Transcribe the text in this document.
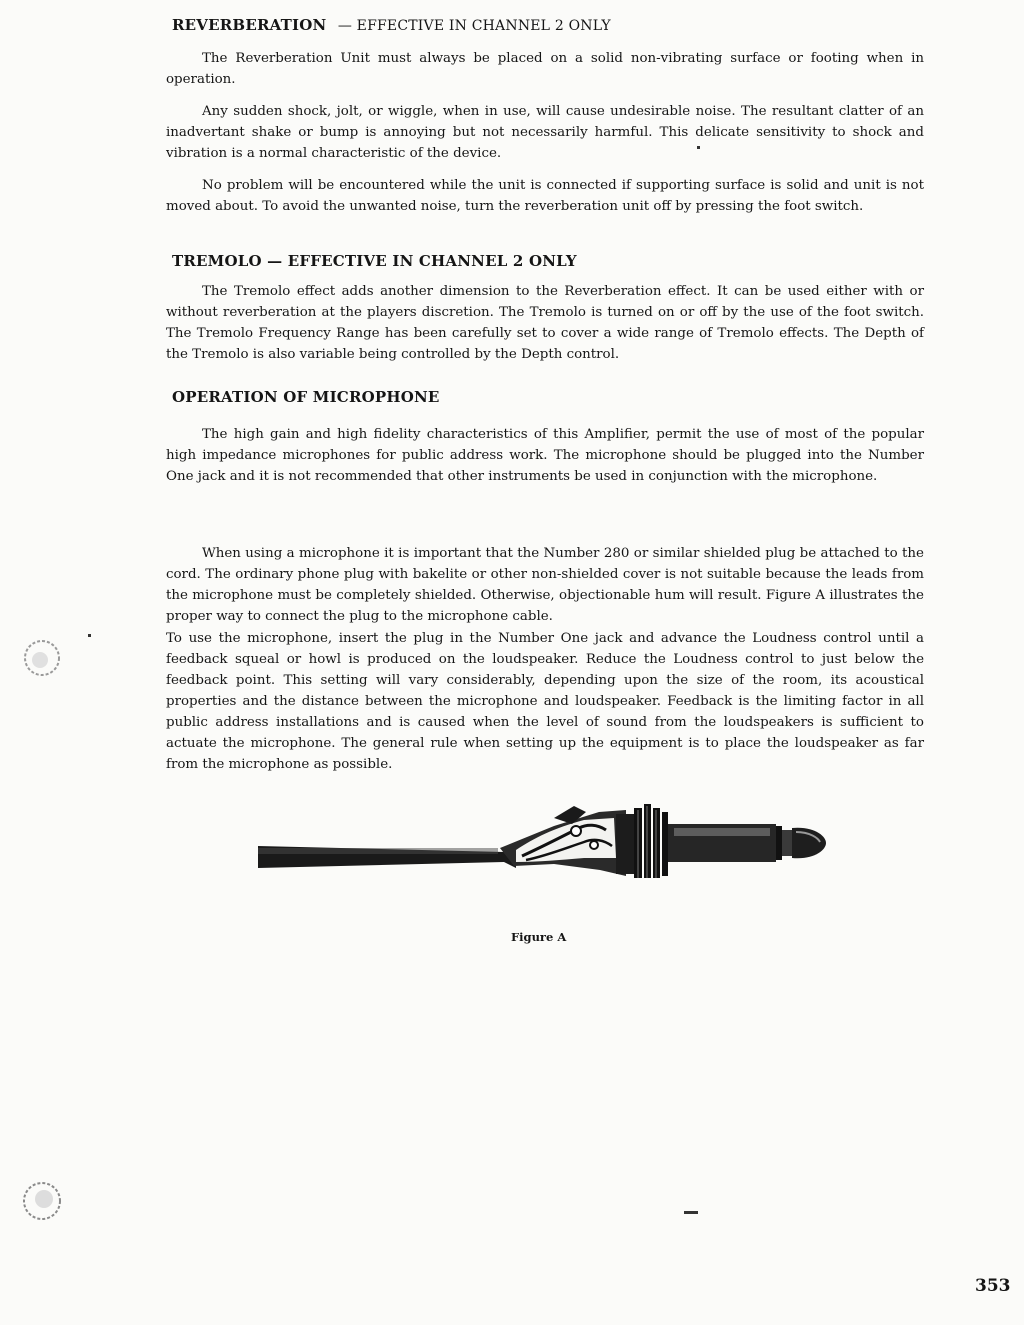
REVERBERATION — EFFECTIVE IN CHANNEL 2 ONLY

The Reverberation Unit must always be placed on a solid non-vibrating surface or footing when in operation.

Any sudden shock, jolt, or wiggle, when in use, will cause undesirable noise. The resultant clatter of an inadvertant shake or bump is annoying but not necessarily harmful. This delicate sensitivity to shock and vibration is a normal characteristic of the device.

No problem will be encountered while the unit is connected if supporting surface is solid and unit is not moved about. To avoid the unwanted noise, turn the reverberation unit off by pressing the foot switch.

TREMOLO — EFFECTIVE IN CHANNEL 2 ONLY

The Tremolo effect adds another dimension to the Reverberation effect. It can be used either with or without reverberation at the players discretion. The Tremolo is turned on or off by the use of the foot switch. The Tremolo Frequency Range has been carefully set to cover a wide range of Tremolo effects. The Depth of the Tremolo is also variable being controlled by the Depth control.

OPERATION OF MICROPHONE

The high gain and high fidelity characteristics of this Amplifier, permit the use of most of the popular high impedance microphones for public address work. The microphone should be plugged into the Number One jack and it is not recommended that other instruments be used in conjunction with the microphone.

When using a microphone it is important that the Number 280 or similar shielded plug be attached to the cord. The ordinary phone plug with bakelite or other non-shielded cover is not suitable because the leads from the microphone must be completely shielded. Otherwise, objectionable hum will result. Figure A illustrates the proper way to connect the plug to the microphone cable.

To use the microphone, insert the plug in the Number One jack and advance the Loudness control until a feedback squeal or howl is produced on the loudspeaker. Reduce the Loudness control to just below the feedback point. This setting will vary considerably, depending upon the size of the room, its acoustical properties and the distance between the microphone and loudspeaker. Feedback is the limiting factor in all public address installations and is caused when the level of sound from the loudspeakers is sufficient to actuate the microphone. The general rule when setting up the equipment is to place the loudspeaker as far from the microphone as possible.

Figure A
353
